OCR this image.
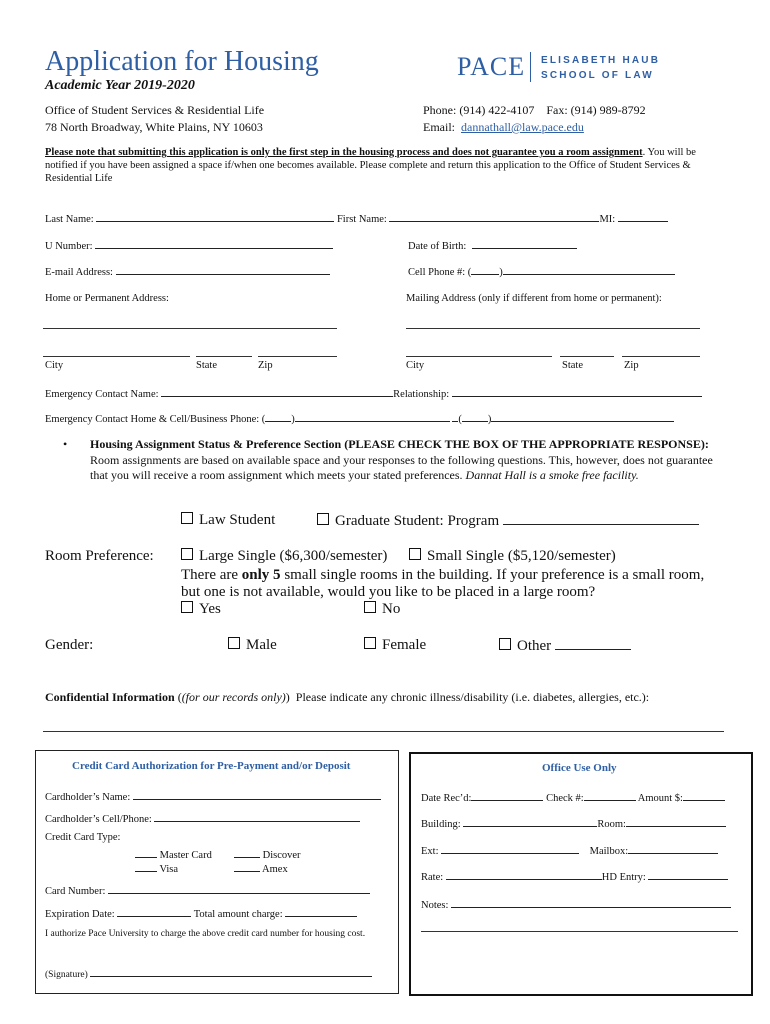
Application for Housing
Academic Year 2019-2020
Office of Student Services & Residential Life
78 North Broadway, White Plains, NY 10603
Phone: (914) 422-4107    Fax: (914) 989-8792
Email: dannathall@law.pace.edu
PACE ELISABETH HAUB
SCHOOL OF LAW
Please note that submitting this application is only the first step in the housing process and does not guarantee you a room assignment. You will be notified if you have been assigned a space if/when one becomes available. Please complete and return this application to the Office of Student Services & Residential Life
Last Name:	First Name:	MI:
U Number:	Date of Birth:
E-mail Address:	Cell Phone #: (	)
Home or Permanent Address:	Mailing Address (only if different from home or permanent):
City	State	Zip	City	State	Zip
Emergency Contact Name:	Relationship:
Emergency Contact Home & Cell/Business Phone: ( )	( )
• Housing Assignment Status & Preference Section (PLEASE CHECK THE BOX OF THE APPROPRIATE RESPONSE): Room assignments are based on available space and your responses to the following questions. This, however, does not guarantee that you will receive a room assignment which meets your stated preferences. Dannat Hall is a smoke free facility.
Law Student	Graduate Student: Program
Room Preference:	Large Single ($6,300/semester)	Small Single ($5,120/semester)
There are only 5 small single rooms in the building. If your preference is a small room,
but one is not available, would you like to be placed in a large room?
Yes	No
Gender:	Male	Female	Other
Confidential Information ((for our records only))  Please indicate any chronic illness/disability (i.e. diabetes, allergies, etc.):
Credit Card Authorization for Pre-Payment and/or Deposit
Cardholder’s Name:
Cardholder’s Cell/Phone:
Credit Card Type:
Master Card	Discover
Visa	Amex
Card Number:
Expiration Date:	Total amount charge:
I authorize Pace University to charge the above credit card number for housing cost.
(Signature)
Office Use Only
Date Rec’d:	Check #:	Amount $:
Building:	Room:
Ext:	Mailbox:
Rate:	HD Entry:
Notes:
